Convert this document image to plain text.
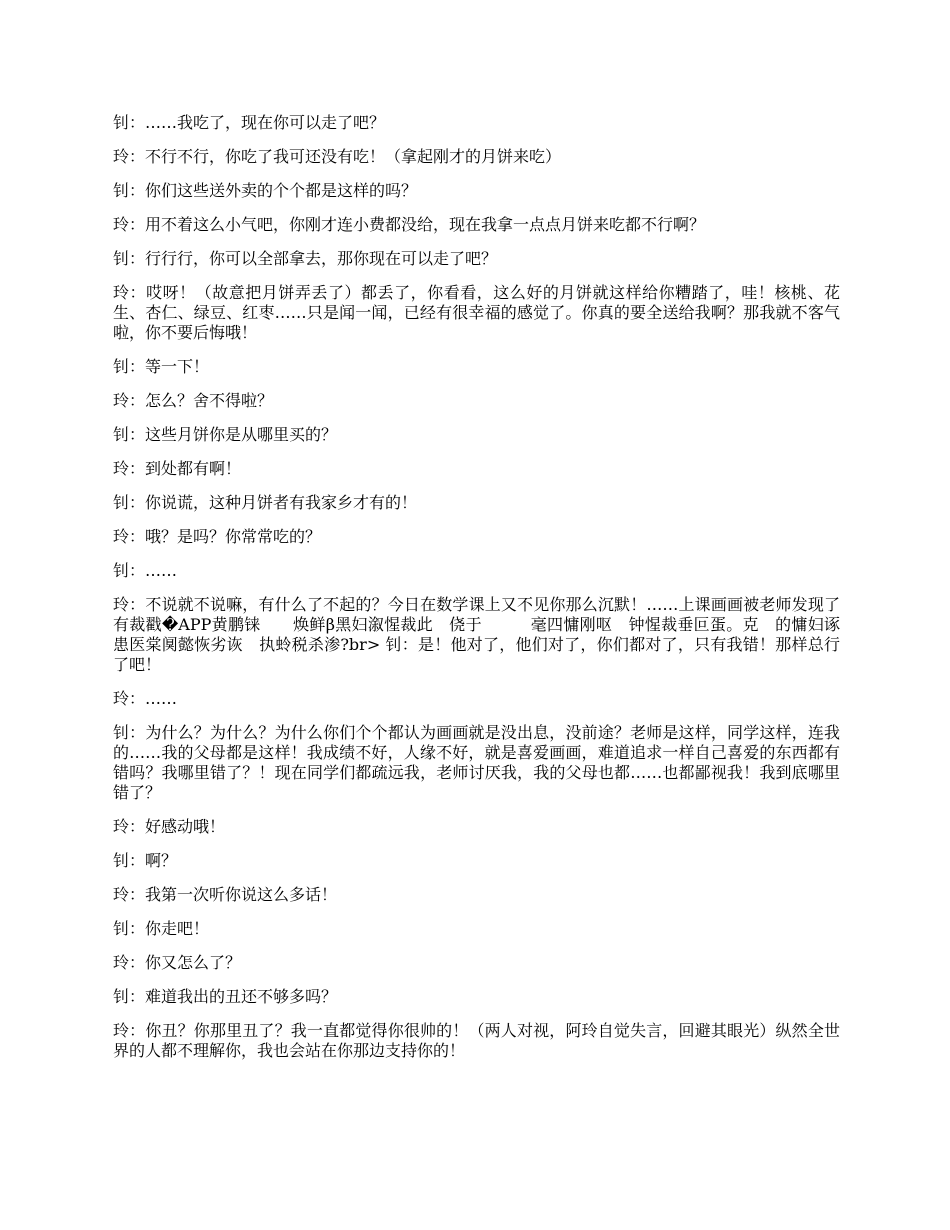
钊：……我吃了，现在你可以走了吧？

玲：不行不行，你吃了我可还没有吃！（拿起刚才的月饼来吃）

钊：你们这些送外卖的个个都是这样的吗？

玲：用不着这么小气吧，你刚才连小费都没给，现在我拿一点点月饼来吃都不行啊？

钊：行行行，你可以全部拿去，那你现在可以走了吧？

玲：哎呀！（故意把月饼弄丢了）都丢了，你看看，这么好的月饼就这样给你糟踏了，哇！核桃、花生、杏仁、绿豆、红枣……只是闻一闻，已经有很幸福的感觉了。你真的要全送给我啊？那我就不客气啦，你不要后悔哦！

钊：等一下！

玲：怎么？舍不得啦？

钊：这些月饼你是从哪里买的？

玲：到处都有啊！

钊：你说谎，这种月饼者有我家乡才有的！

玲：哦？是吗？你常常吃的？

钊：……

玲：不说就不说嘛，有什么了不起的？今日在数学课上又不见你那么沉默！……上课画画被老师发现了有裁戳�APP黄鹏铼　　焕鲜β黑妇溆惺裁此　侥于　　　毫四慵刚呕　钟惺裁垂叵蛋。克　的慵妇诼患医棠阒懿恢劣诙　执蛉税杀渗?br> 钊：是！他对了，他们对了，你们都对了，只有我错！那样总行了吧！

玲：……

钊：为什么？为什么？为什么你们个个都认为画画就是没出息，没前途？老师是这样，同学这样，连我的……我的父母都是这样！我成绩不好，人缘不好，就是喜爱画画，难道追求一样自己喜爱的东西都有错吗？我哪里错了？！现在同学们都疏远我，老师讨厌我，我的父母也都……也都鄙视我！我到底哪里错了？

玲：好感动哦！

钊：啊？

玲：我第一次听你说这么多话！

钊：你走吧！

玲：你又怎么了？

钊：难道我出的丑还不够多吗？

玲：你丑？你那里丑了？我一直都觉得你很帅的！（两人对视，阿玲自觉失言，回避其眼光）纵然全世界的人都不理解你，我也会站在你那边支持你的！
